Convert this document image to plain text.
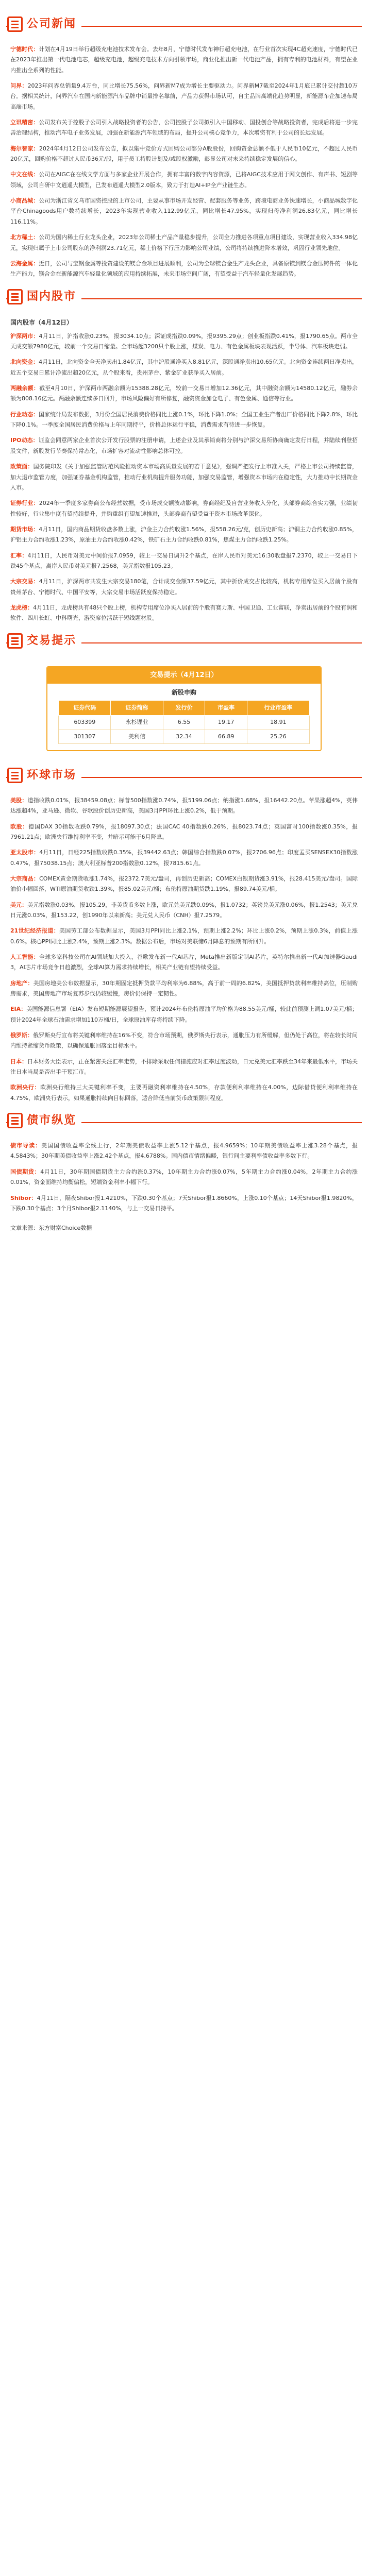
公司新闻

宁德时代：计划在4月19日举行超级充电池技术发布会。去年8月，宁德时代发布神行超充电池，在行业首次实现4C超充速度，宁德时代已在2023年推出第一代电池电芯，超级充电池，超级充电技术方向引领市场，商业化推出新一代电池产品，拥有专利的电池材料，有望在业内推出全系列的性能。

问界：2023年问界总销量9.4万台，同比增长75.56%，问界新M7成为增长主要驱动力。问界新M7截至2024年1月底已累计交付超10万台。据相关统计，问界汽车在国内新能源汽车品牌中销量排名靠前，产品力获得市场认可，自主品牌高端化趋势明显，新能源车企加速布局高端市场。

立讯精密：公司发布关于控股子公司引入战略投资者的公告，公司控股子公司拟引入中国移动、国投创合等战略投资者，完成后将进一步完善治理结构，推动汽车电子业务发展，加强在新能源汽车领域的布局，提升公司核心竞争力，本次增资有利于公司的长远发展。

海尔智家：2024年4月12日公司发布公告，拟以集中竞价方式回购公司部分A股股份，回购资金总额不低于人民币10亿元，不超过人民币20亿元，回购价格不超过人民币36元/股，用于员工持股计划及/或股权激励，彰显公司对未来持续稳定发展的信心。

中文在线：公司在AIGC在在线文学方面与多家企业开展合作，拥有丰富的数字内容资源，已将AIGC技术应用于网文创作、有声书、短剧等领域，公司自研中文逍遥大模型，已发布逍遥大模型2.0版本，致力于打造AI+IP全产业链生态。

小商品城：公司为浙江省义乌市国资控股的上市公司，主要从事市场开发经营、配套服务等业务，跨境电商业务快速增长，小商品城数字化平台Chinagoods用户数持续增长，2023年实现营业收入112.99亿元，同比增长47.95%，实现归母净利润26.83亿元，同比增长116.11%。

北方稀土：公司为国内稀土行业龙头企业，2023年公司稀土产品产量稳步提升，公司全力推进各项重点项目建设，实现营业收入334.98亿元，实现归属于上市公司股东的净利润23.71亿元，稀土价格下行压力影响公司业绩，公司将持续推进降本增效，巩固行业领先地位。

云海金属：近日，公司与宝钢金属等投资建设的镁合金项目进展顺利，公司为全球镁合金生产龙头企业，具备原镁到镁合金压铸件的一体化生产能力，镁合金在新能源汽车轻量化领域的应用持续拓展，未来市场空间广阔，有望受益于汽车轻量化发展趋势。

国内股市
国内股市（4月12日）

沪深两市：4月11日，沪指收涨0.23%，报3034.10点；深证成指跌0.09%，报9395.29点；创业板指跌0.41%，报1790.65点。两市全天成交额7980亿元，较前一个交易日缩量。全市场超3200只个股上涨，煤炭、电力、有色金属板块表现活跃，半导体、汽车板块走弱。

北向资金：4月11日，北向资金全天净卖出1.84亿元，其中沪股通净买入8.81亿元，深股通净卖出10.65亿元。北向资金连续两日净卖出，近五个交易日累计净流出超20亿元，从个股来看，贵州茅台、紫金矿业获净买入居前。

两融余额：截至4月10日，沪深两市两融余额为15388.28亿元，较前一交易日增加12.36亿元，其中融资余额为14580.12亿元，融券余额为808.16亿元。两融余额连续多日回升，市场风险偏好有所修复，融资资金加仓电子、有色金属、通信等行业。

行业动态：国家统计局发布数据，3月份全国居民消费价格同比上涨0.1%，环比下降1.0%；全国工业生产者出厂价格同比下降2.8%，环比下降0.1%。一季度全国居民消费价格与上年同期持平，价格总体运行平稳，消费需求有待进一步恢复。

IPO动态：证监会同意两家企业首次公开发行股票的注册申请，上述企业及其承销商将分别与沪深交易所协商确定发行日程，并陆续刊登招股文件，新股发行节奏保持常态化，市场扩容对流动性影响总体可控。

政策面：国务院印发《关于加强监管防范风险推动资本市场高质量发展的若干意见》，强调严把发行上市准入关，严格上市公司持续监管，加大退市监管力度，加强证券基金机构监管，推动行业机构提升服务功能，加强交易监管，增强资本市场内在稳定性，大力推动中长期资金入市。

证券行业：2024年一季度多家券商公布经营数据，受市场成交额波动影响，券商经纪及自营业务收入分化，头部券商综合实力强，业绩韧性较好，行业集中度有望持续提升，并购重组有望加速推进，头部券商有望受益于资本市场改革深化。

期货市场：4月11日，国内商品期货收盘多数上涨，沪金主力合约收涨1.56%，报558.26元/克，创历史新高；沪铜主力合约收涨0.85%，沪铝主力合约收涨1.23%，原油主力合约收涨0.42%，铁矿石主力合约收跌0.81%，焦煤主力合约收跌1.25%。

汇率：4月11日，人民币对美元中间价报7.0959，较上一交易日调升2个基点，在岸人民币对美元16:30收盘报7.2370，较上一交易日下跌45个基点，离岸人民币对美元报7.2568，美元指数报105.23。

大宗交易：4月11日，沪深两市共发生大宗交易180笔，合计成交金额37.59亿元，其中折价成交占比较高，机构专用席位买入居前个股有贵州茅台、宁德时代、中国平安等，大宗交易市场活跃度保持稳定。

龙虎榜：4月11日，龙虎榜共有48只个股上榜，机构专用席位净买入居前的个股有赛力斯、中国卫通、工业富联，净卖出居前的个股有润和软件、四川长虹、中科曙光，游资席位活跃于短线题材股。

交易提示
交易提示（4月12日）
新股申购
证券代码	证券简称	发行价	市盈率	行业市盈率
603399	永杉锂业	6.55	19.17	18.91
301307	美利信	32.34	66.89	25.26
环球市场

美股：道指收跌0.01%，报38459.08点；标普500指数涨0.74%，报5199.06点；纳指涨1.68%，报16442.20点。苹果涨超4%，英伟达涨超4%，亚马逊、微软、谷歌股价创历史新高，美国3月PPI环比上涨0.2%，低于预期。

欧股：德国DAX 30指数收跌0.79%，报18097.30点；法国CAC 40指数跌0.26%，报8023.74点；英国富时100指数涨0.35%，报7961.21点；欧洲央行维持利率不变，并暗示可能于6月降息。

亚太股市：4月11日，日经225指数收跌0.35%，报39442.63点；韩国综合指数跌0.07%，报2706.96点；印度孟买SENSEX30指数涨0.47%，报75038.15点；澳大利亚标普200指数涨0.12%，报7815.61点。

大宗商品：COMEX黄金期货收涨1.74%，报2372.7美元/盎司，再创历史新高；COMEX白银期货涨3.91%，报28.415美元/盎司。国际油价小幅回落，WTI原油期货收跌1.39%，报85.02美元/桶；布伦特原油期货跌1.19%，报89.74美元/桶。

美元：美元指数涨0.03%，报105.29，非美货币多数上涨，欧元兑美元跌0.09%，报1.0732；英镑兑美元涨0.06%，报1.2543；美元兑日元涨0.03%，报153.22，创1990年以来新高；美元兑人民币（CNH）报7.2579。

21世纪经济报道：美国劳工部公布数据显示，美国3月PPI同比上涨2.1%，预期上涨2.2%；环比上涨0.2%，预期上涨0.3%，前值上涨0.6%。核心PPI同比上涨2.4%，预期上涨2.3%。数据公布后，市场对美联储6月降息的预期有所回升。

人工智能：全球多家科技公司在AI领域加大投入，谷歌发布新一代AI芯片，Meta推出新版定制AI芯片，英特尔推出新一代AI加速器Gaudi 3，AI芯片市场竞争日趋激烈，全球AI算力需求持续增长，相关产业链有望持续受益。

房地产：美国房地美公布数据显示，30年期固定抵押贷款平均利率为6.88%，高于前一周的6.82%，美国抵押贷款利率维持高位，压制购房需求，美国房地产市场复苏步伐仍较缓慢，房价仍保持一定韧性。

EIA：美国能源信息署（EIA）发布短期能源展望报告，预计2024年布伦特原油平均价格为88.55美元/桶，较此前预测上调1.07美元/桶；预计2024年全球石油需求增加110万桶/日，全球原油库存将持续下降。

俄罗斯：俄罗斯央行宣布将关键利率维持在16%不变，符合市场预期，俄罗斯央行表示，通胀压力有所缓解，但仍处于高位，将在较长时间内维持紧缩货币政策，以确保通胀回落至目标水平。

日本：日本财务大臣表示，正在紧密关注汇率走势，不排除采取任何措施应对汇率过度波动，日元兑美元汇率跌至34年来最低水平，市场关注日本当局是否出手干预汇市。

欧洲央行：欧洲央行维持三大关键利率不变，主要再融资利率维持在4.50%，存款便利利率维持在4.00%，边际借贷便利利率维持在4.75%，欧洲央行表示，如果通胀持续向目标回落，适合降低当前货币政策限制程度。

债市纵览

债市导读：美国国债收益率全线上行，2年期美债收益率上涨5.12个基点，报4.9659%；10年期美债收益率上涨3.28个基点，报4.5843%；30年期美债收益率上涨2.42个基点，报4.6788%。国内债市情绪偏暖，银行间主要利率债收益率多数下行。

国债期货：4月11日，30年期国债期货主力合约涨0.37%，10年期主力合约涨0.07%，5年期主力合约涨0.04%，2年期主力合约涨0.01%，资金面维持均衡偏松，短端资金利率小幅下行。

Shibor：4月11日，隔夜Shibor报1.4210%，下跌0.30个基点；7天Shibor报1.8660%，上涨0.10个基点；14天Shibor报1.9820%，下跌0.30个基点；3个月Shibor报2.1140%，与上一交易日持平。

文章来源：东方财富Choice数据
